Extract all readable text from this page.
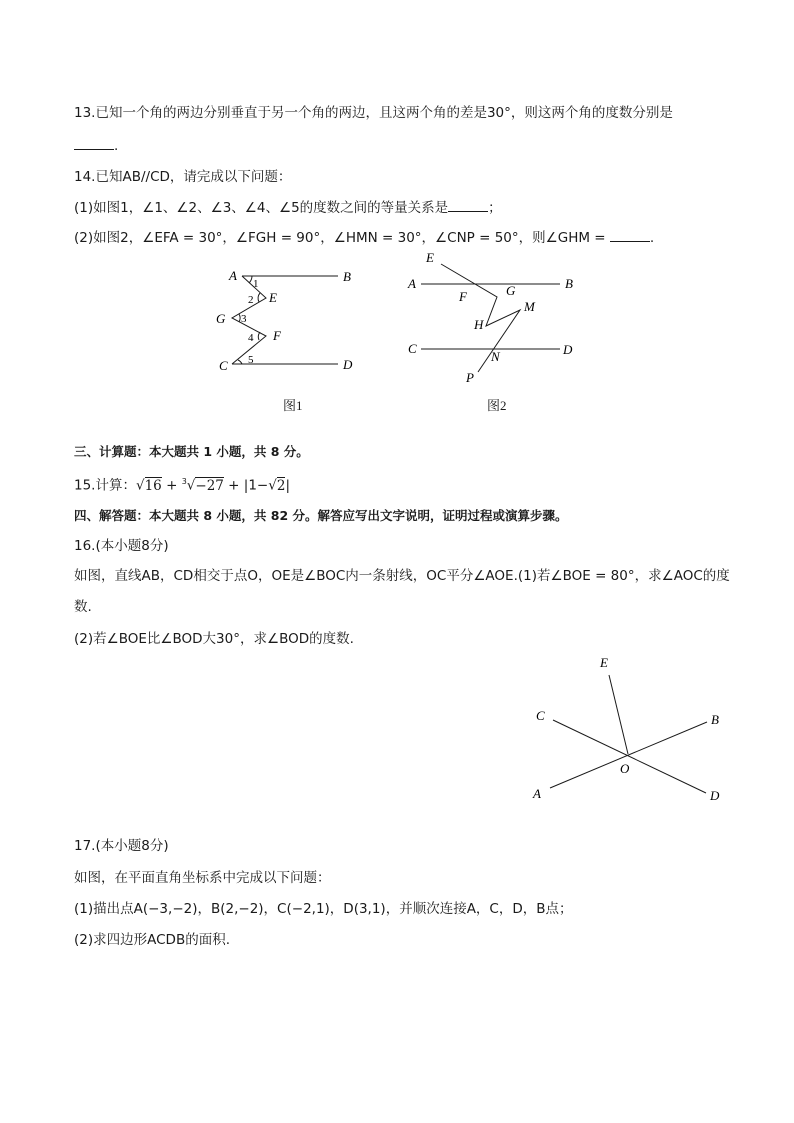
13.已知一个角的两边分别垂直于另一个角的两边，且这两个角的差是30°，则这两个角的度数分别是
.
14.已知AB//CD，请完成以下问题：
(1)如图1，∠1、∠2、∠3、∠4、∠5的度数之间的等量关系是	；
(2)如图2，∠EFA = 30°，∠FGH = 90°，∠HMN = 30°，∠CNP = 50°，则∠GHM =	.
A	B
E
G
F
C	D
1
2
3
4
5
图1
E
A	B
F	G
M
H
C	D
N
P
图2
三、计算题：本大题共 1 小题，共 8 分。
15.计算：√16 + $^3$√−27 + |1−√2|
四、解答题：本大题共 8 小题，共 82 分。解答应写出文字说明，证明过程或演算步骤。
16.(本小题8分)
如图，直线AB，CD相交于点O，OE是∠BOC内一条射线，OC平分∠AOE.(1)若∠BOE = 80°，求∠AOC的度
数.
(2)若∠BOE比∠BOD大30°，求∠BOD的度数.
E
C	B
O
A	D
17.(本小题8分)
如图，在平面直角坐标系中完成以下问题：
(1)描出点A(−3,−2)，B(2,−2)，C(−2,1)，D(3,1)，并顺次连接A，C，D，B点；
(2)求四边形ACDB的面积.
